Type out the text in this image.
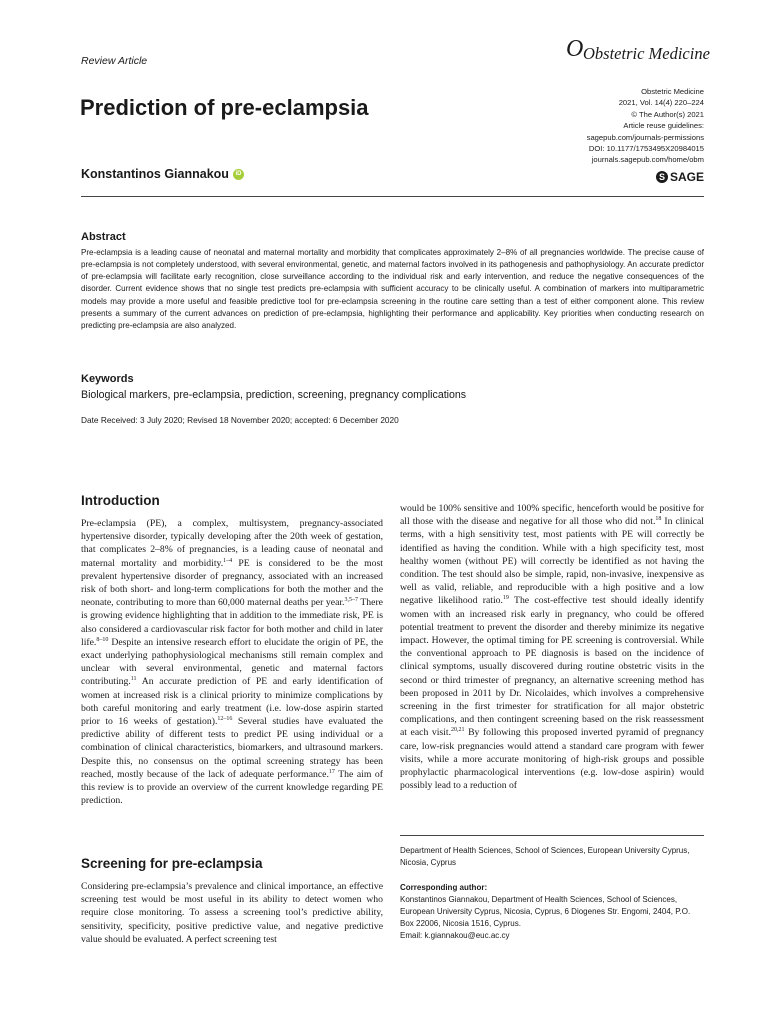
Review Article	O Obstetric Medicine
Prediction of pre-eclampsia
Konstantinos Giannakou	iD
Obstetric Medicine
2021, Vol. 14(4) 220–224
© The Author(s) 2021
Article reuse guidelines:
sagepub.com/journals-permissions
DOI: 10.1177/1753495X20984015
journals.sagepub.com/home/obm
S SAGE
Abstract
Pre-eclampsia is a leading cause of neonatal and maternal mortality and morbidity that complicates approximately 2–8% of all pregnancies worldwide. The precise cause of pre-eclampsia is not completely understood, with several environmental, genetic, and maternal factors involved in its pathogenesis and pathophysiology. An accurate predictor of pre-eclampsia will facilitate early recognition, close surveillance according to the individual risk and early intervention, and reduce the negative consequences of the disorder. Current evidence shows that no single test predicts pre-eclampsia with sufficient accuracy to be clinically useful. A combination of markers into multiparametric models may provide a more useful and feasible predictive tool for pre-eclampsia screening in the routine care setting than a test of either component alone. This review presents a summary of the current advances on prediction of pre-eclampsia, highlighting their performance and applicability. Key priorities when conducting research on predicting pre-eclampsia are also analyzed.
Keywords
Biological markers, pre-eclampsia, prediction, screening, pregnancy complications
Date Received: 3 July 2020; Revised 18 November 2020; accepted: 6 December 2020
Introduction
Pre-eclampsia (PE), a complex, multisystem, pregnancy-associated hypertensive disorder, typically developing after the 20th week of gestation, that complicates 2–8% of pregnancies, is a leading cause of neonatal and maternal mortality and morbidity.$^{1-4}$ PE is considered to be the most prevalent hypertensive disorder of pregnancy, associated with an increased risk of both short- and long-term complications for both the mother and the neonate, contributing to more than 60,000 maternal deaths per year.$^{3,5-7}$ There is growing evidence highlighting that in addition to the immediate risk, PE is also considered a cardiovascular risk factor for both mother and child in later life.$^{8-10}$ Despite an intensive research effort to elucidate the origin of PE, the exact underlying pathophysiological mechanisms still remain complex and unclear with several environmental, genetic and maternal factors contributing.$^{11}$ An accurate prediction of PE and early identification of women at increased risk is a clinical priority to minimize complications by both careful monitoring and early treatment (i.e. low-dose aspirin started prior to 16 weeks of gestation).$^{12-16}$ Several studies have evaluated the predictive ability of different tests to predict PE using individual or a combination of clinical characteristics, biomarkers, and ultrasound markers. Despite this, no consensus on the optimal screening strategy has been reached, mostly because of the lack of adequate performance.$^{17}$ The aim of this review is to provide an overview of the current knowledge regarding PE prediction.
Screening for pre-eclampsia
Considering pre-eclampsia’s prevalence and clinical importance, an effective screening test would be most useful in its ability to detect women who require close monitoring. To assess a screening tool’s predictive ability, sensitivity, specificity, positive predictive value, and negative predictive value should be evaluated. A perfect screening test
would be 100% sensitive and 100% specific, henceforth would be positive for all those with the disease and negative for all those who did not.$^{18}$ In clinical terms, with a high sensitivity test, most patients with PE will correctly be identified as having the condition. While with a high specificity test, most healthy women (without PE) will correctly be identified as not having the condition. The test should also be simple, rapid, non-invasive, inexpensive as well as valid, reliable, and reproducible with a high positive and a low negative likelihood ratio.$^{19}$ The cost-effective test should ideally identify women with an increased risk early in pregnancy, who could be offered potential treatment to prevent the disorder and thereby minimize its negative impact. However, the optimal timing for PE screening is controversial. While the conventional approach to PE diagnosis is based on the incidence of clinical symptoms, usually discovered during routine obstetric visits in the second or third trimester of pregnancy, an alternative screening method has been proposed in 2011 by Dr. Nicolaides, which involves a comprehensive screening in the first trimester for stratification for all major obstetric complications, and then contingent screening based on the risk reassessment at each visit.$^{20,21}$ By following this proposed inverted pyramid of pregnancy care, low-risk pregnancies would attend a standard care program with fewer visits, while a more accurate monitoring of high-risk groups and possible prophylactic pharmacological interventions (e.g. low-dose aspirin) would possibly lead to a reduction of
Department of Health Sciences, School of Sciences, European University Cyprus, Nicosia, Cyprus
Corresponding author:
Konstantinos Giannakou, Department of Health Sciences, School of Sciences, European University Cyprus, Nicosia, Cyprus, 6 Diogenes Str. Engomi, 2404, P.O. Box 22006, Nicosia 1516, Cyprus.
Email: k.giannakou@euc.ac.cy
